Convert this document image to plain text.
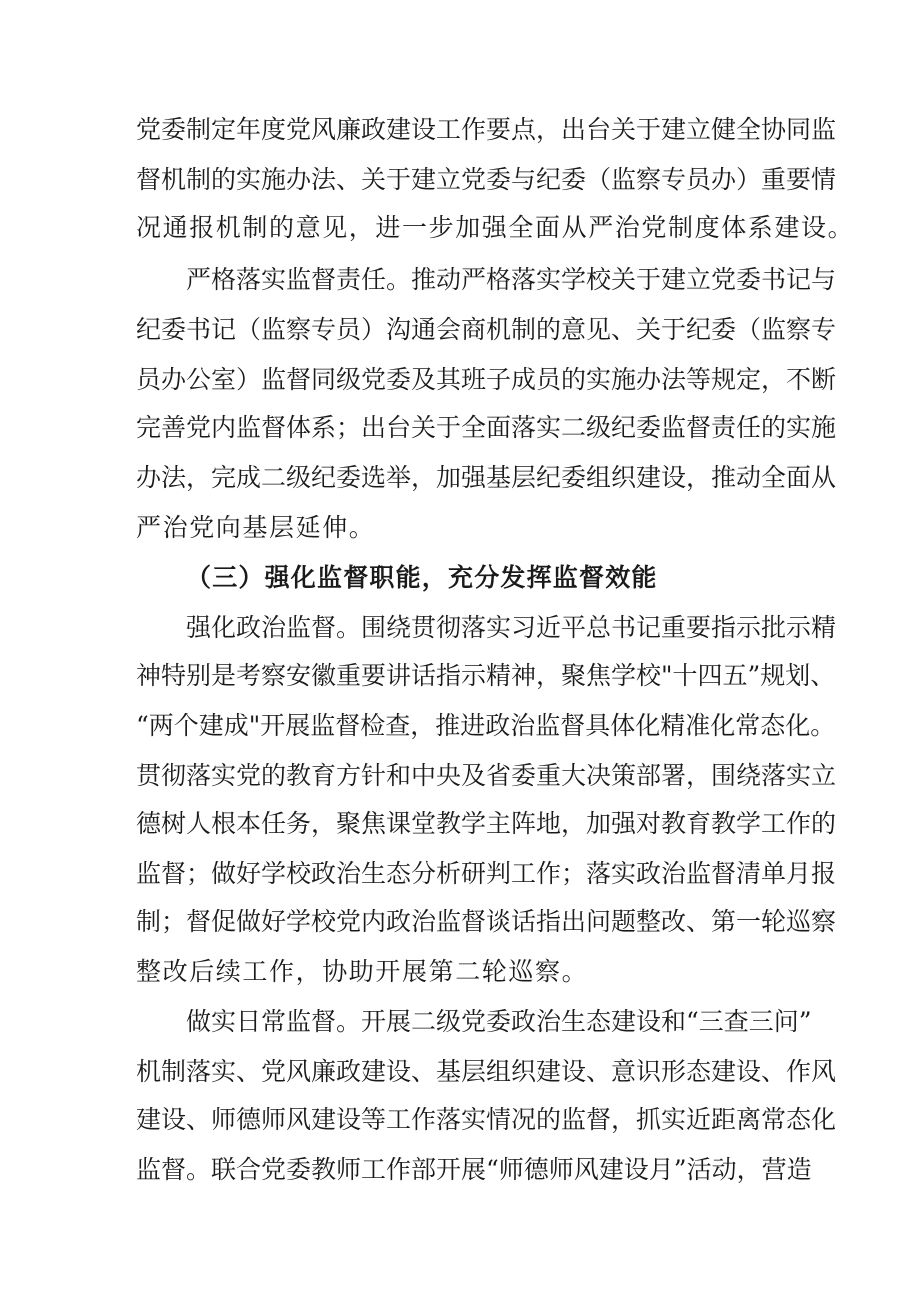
党委制定年度党风廉政建设工作要点，出台关于建立健全协同监
督机制的实施办法、关于建立党委与纪委（监察专员办）重要情
况通报机制的意见，进一步加强全面从严治党制度体系建设。
严格落实监督责任。推动严格落实学校关于建立党委书记与
纪委书记（监察专员）沟通会商机制的意见、关于纪委（监察专
员办公室）监督同级党委及其班子成员的实施办法等规定，不断
完善党内监督体系；出台关于全面落实二级纪委监督责任的实施
办法，完成二级纪委选举，加强基层纪委组织建设，推动全面从
严治党向基层延伸。
（三）强化监督职能，充分发挥监督效能
强化政治监督。围绕贯彻落实习近平总书记重要指示批示精
神特别是考察安徽重要讲话指示精神，聚焦学校"十四五”规划、
“两个建成"开展监督检查，推进政治监督具体化精准化常态化。
贯彻落实党的教育方针和中央及省委重大决策部署，围绕落实立
德树人根本任务，聚焦课堂教学主阵地，加强对教育教学工作的
监督；做好学校政治生态分析研判工作；落实政治监督清单月报
制；督促做好学校党内政治监督谈话指出问题整改、第一轮巡察
整改后续工作，协助开展第二轮巡察。
做实日常监督。开展二级党委政治生态建设和“三查三问”
机制落实、党风廉政建设、基层组织建设、意识形态建设、作风
建设、师德师风建设等工作落实情况的监督，抓实近距离常态化
监督。联合党委教师工作部开展“师德师风建设月”活动，营造
